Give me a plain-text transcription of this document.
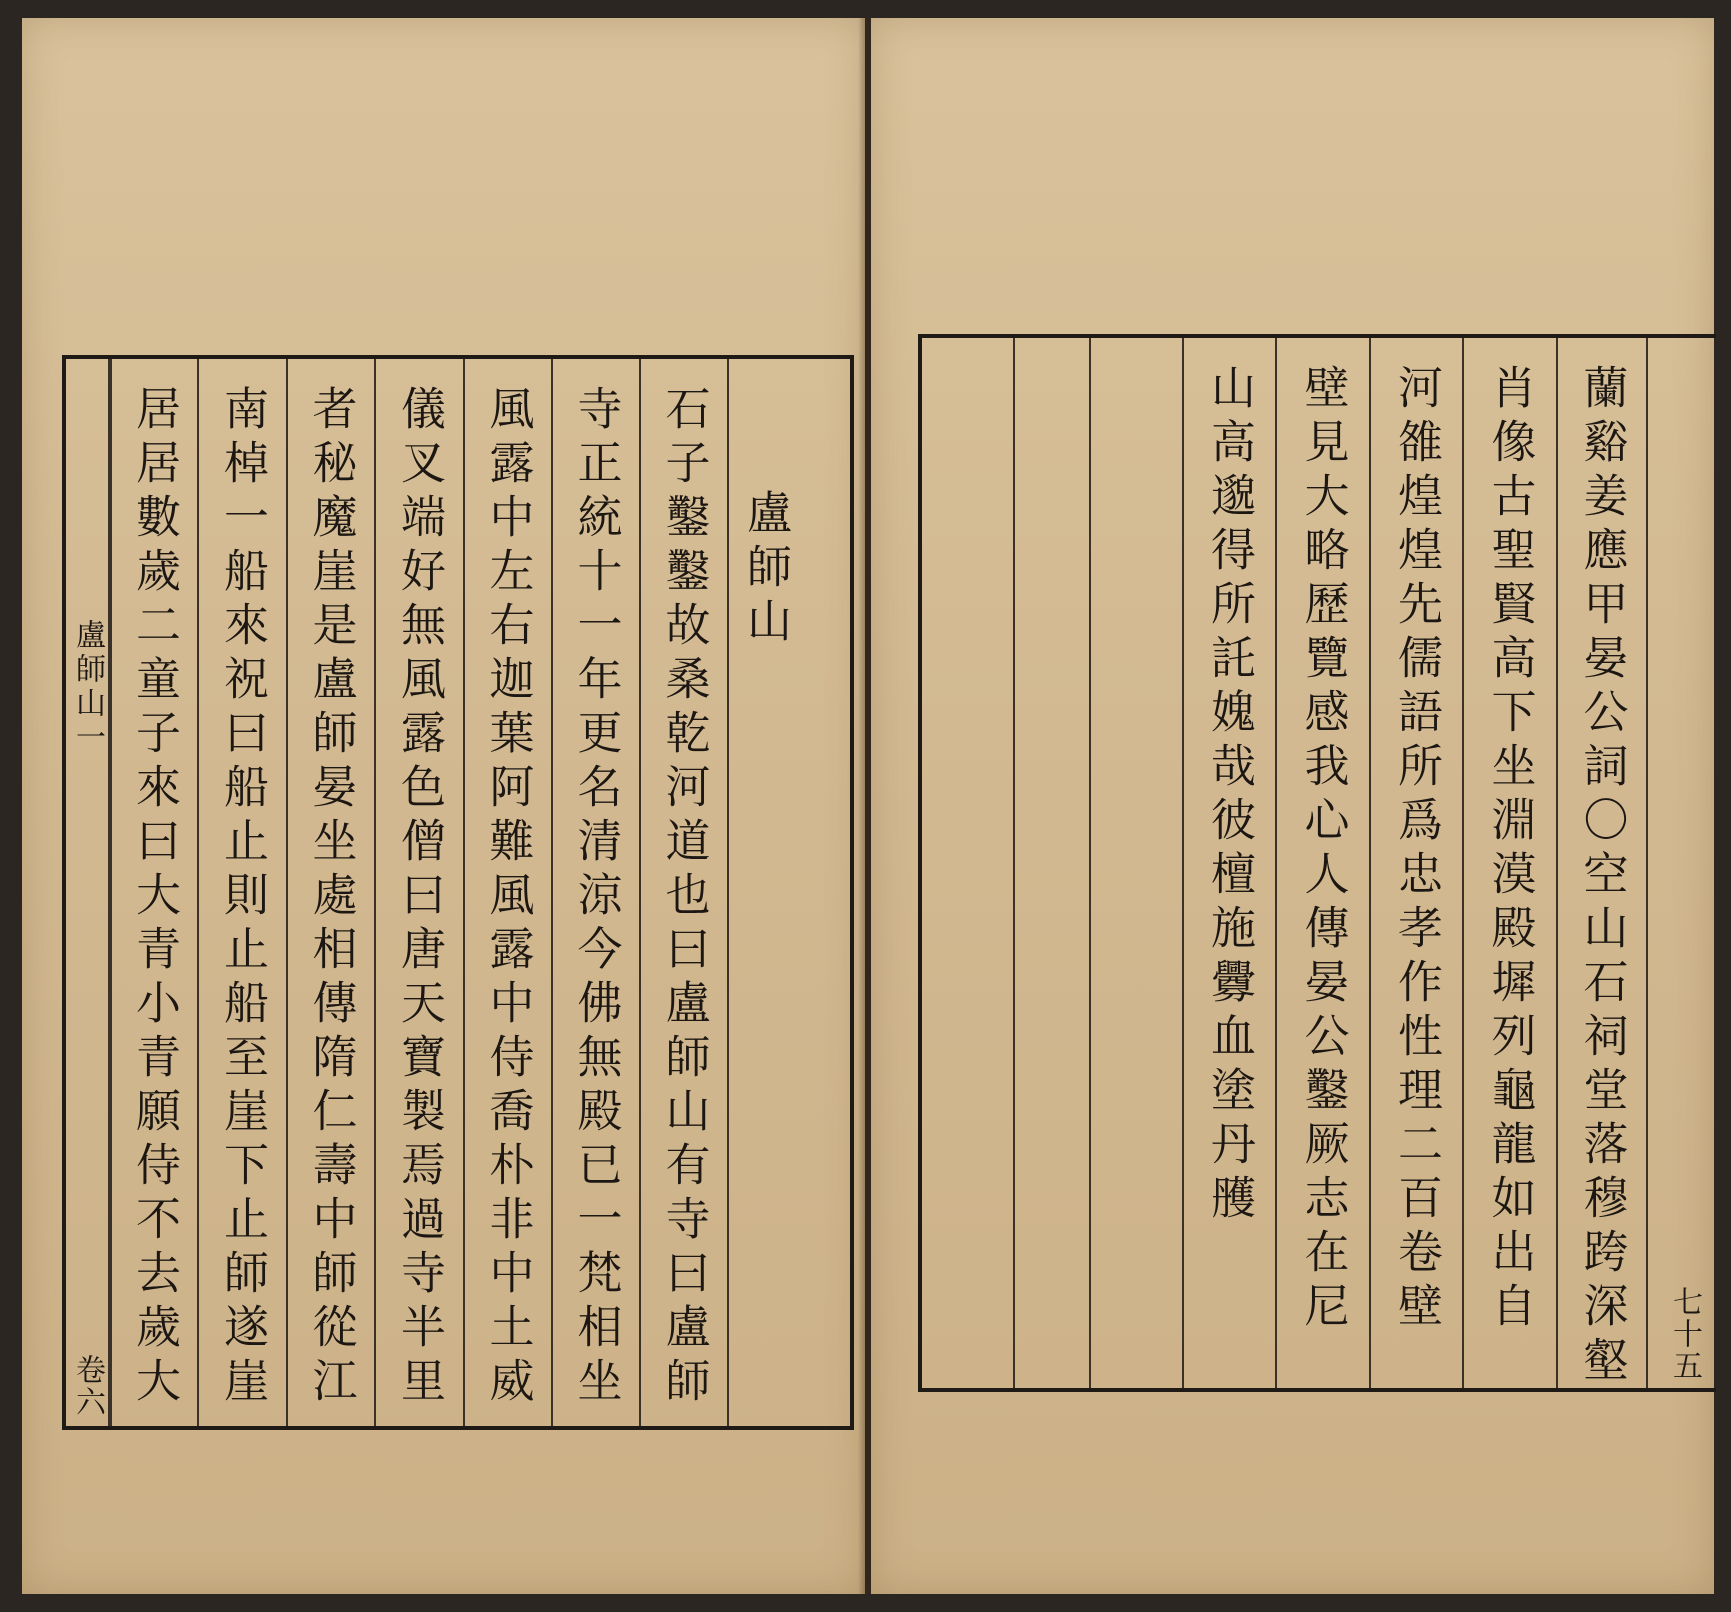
盧師山
石子鑿鑿故桑乾河道也曰盧師山有寺曰盧師
寺正統十一年更名清涼今佛無殿已一梵相坐
風露中左右迦葉阿難風露中侍喬朴非中土威
儀叉端好無風露色僧曰唐天寶製焉過寺半里
者秘魔崖是盧師晏坐處相傳隋仁壽中師從江
南棹一船來祝曰船止則止船至崖下止師遂崖
居居數歲二童子來曰大青小青願侍不去歲大
盧師山一
卷六
七十五
蘭谿姜應甲晏公詞〇空山石祠堂落穆跨深壑
肖像古聖賢高下坐淵漠殿墀列龜龍如出自
河雒煌煌先儒語所爲忠孝作性理二百卷壁
壁見大略歷覽感我心人傳晏公鑿厥志在尼
山高邈得所託媿哉彼檀施釁血塗丹雘
